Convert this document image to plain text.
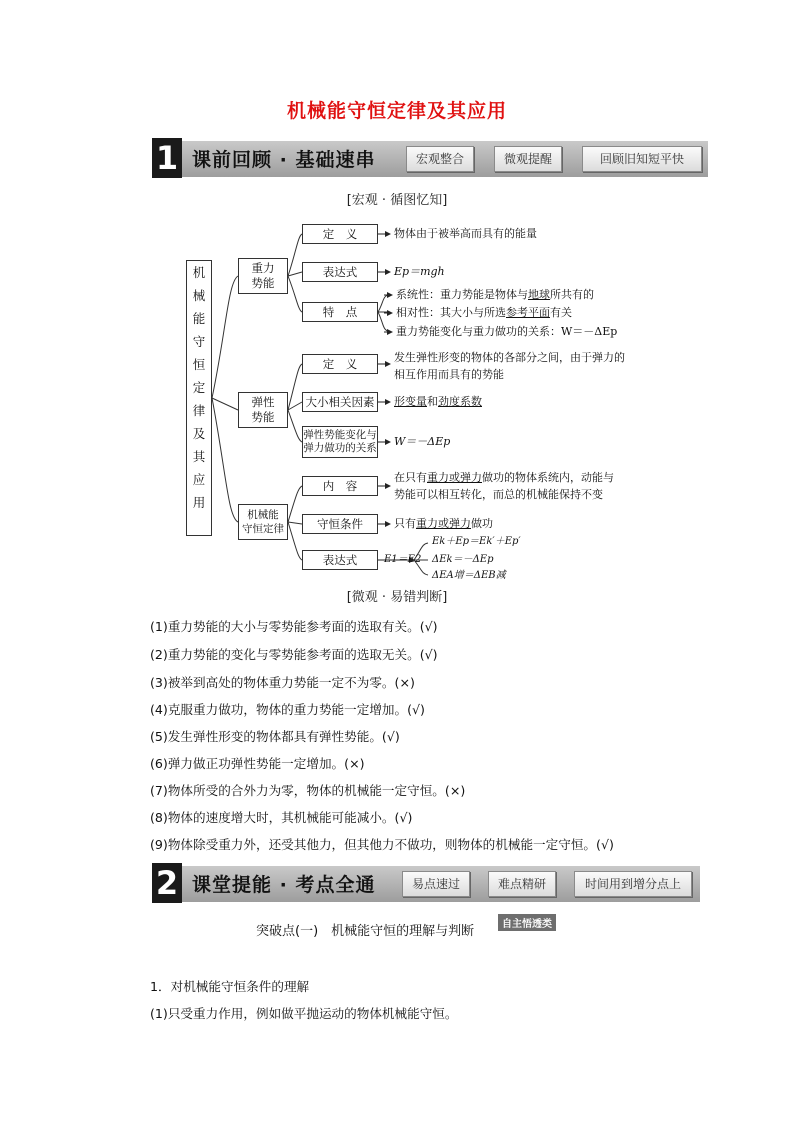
机械能守恒定律及其应用
1 课前回顾 · 基础速串	宏观整合	微观提醒	回顾旧知短平快
[宏观 · 循图忆知]
机
械
能
守
恒
定
律
及
其
应
用
重力
势能
定　义	物体由于被举高而具有的能量
表达式	Ep＝mgh
特　点
系统性：重力势能是物体与地球所共有的
相对性：其大小与所选参考平面有关
重力势能变化与重力做功的关系：W＝－ΔEp
弹性
势能
定　义	发生弹性形变的物体的各部分之间，由于弹力的
相互作用而具有的势能
大小相关因素	形变量和劲度系数
弹性势能变化与
弹力做功的关系 W＝－ΔEp
机械能
守恒定律
内　容
在只有重力或弹力做功的物体系统内，动能与
势能可以相互转化，而总的机械能保持不变
守恒条件	只有重力或弹力做功
表达式	E1＝E2
Ek＋Ep＝Ek′＋Ep′
ΔEk＝－ΔEp
ΔEA增＝ΔEB减
[微观 · 易错判断]
(1)重力势能的大小与零势能参考面的选取有关。(√)
(2)重力势能的变化与零势能参考面的选取无关。(√)
(3)被举到高处的物体重力势能一定不为零。(×)
(4)克服重力做功，物体的重力势能一定增加。(√)
(5)发生弹性形变的物体都具有弹性势能。(√)
(6)弹力做正功弹性势能一定增加。(×)
(7)物体所受的合外力为零，物体的机械能一定守恒。(×)
(8)物体的速度增大时，其机械能可能减小。(√)
(9)物体除受重力外，还受其他力，但其他力不做功，则物体的机械能一定守恒。(√)
2 课堂提能 · 考点全通	易点速过	难点精研	时间用到增分点上
突破点(一)　机械能守恒的理解与判断	自主悟透类
1．对机械能守恒条件的理解
(1)只受重力作用，例如做平抛运动的物体机械能守恒。
